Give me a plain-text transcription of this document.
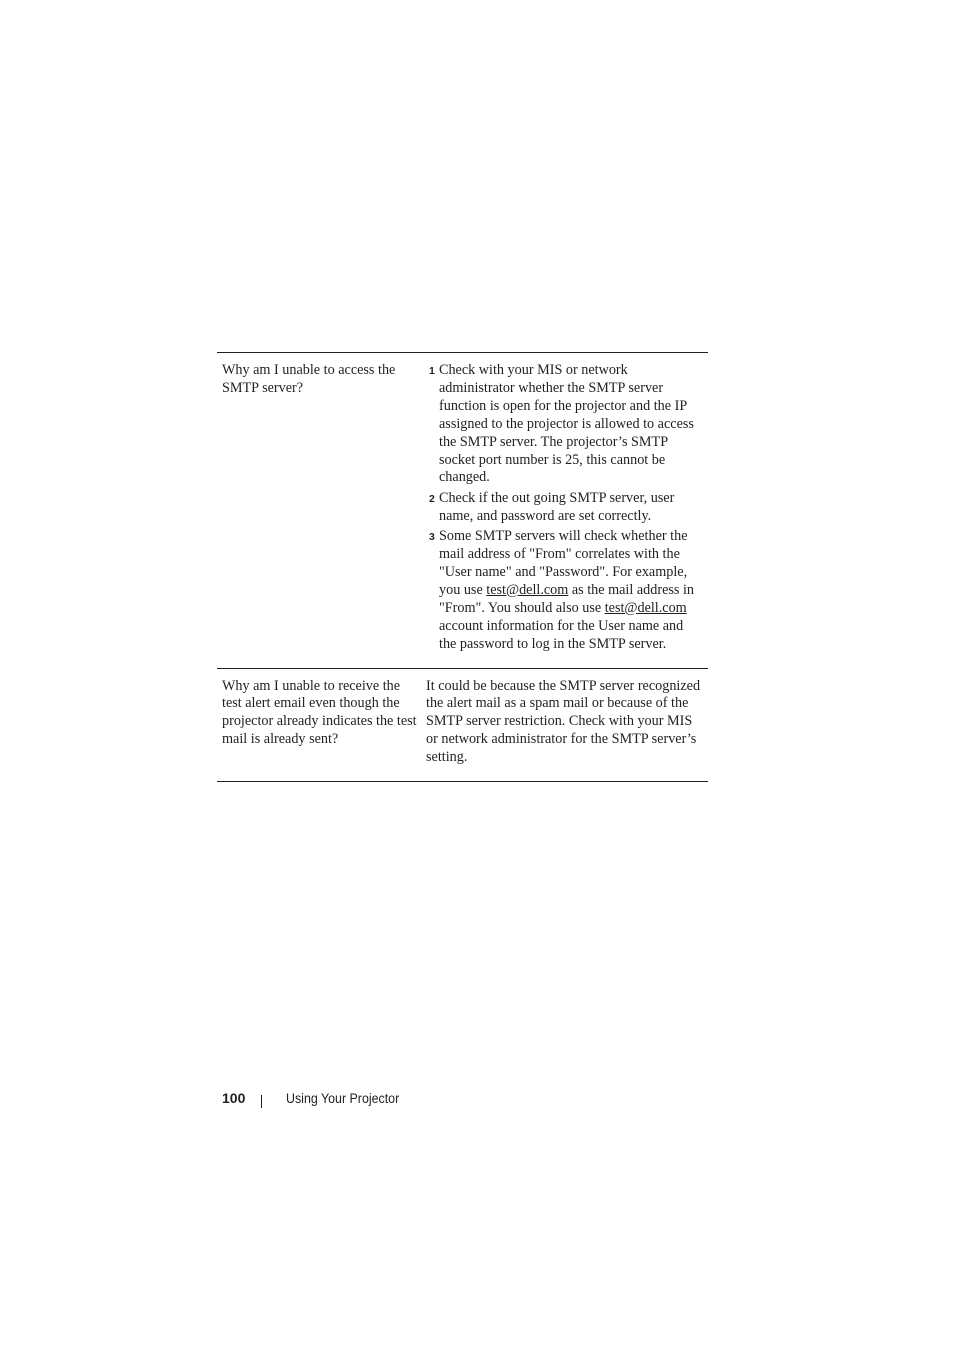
Why am I unable to access the SMTP server?
1 Check with your MIS or network administrator whether the SMTP server function is open for the projector and the IP assigned to the projector is allowed to access the SMTP server. The projector’s SMTP socket port number is 25, this cannot be changed.
2 Check if the out going SMTP server, user name, and password are set correctly.
3 Some SMTP servers will check whether the mail address of "From" correlates with the "User name" and "Password". For example, you use test@dell.com as the mail address in "From". You should also use test@dell.com account information for the User name and the password to log in the SMTP server.
Why am I unable to receive the test alert email even though the projector already indicates the test mail is already sent?
It could be because the SMTP server recognized the alert mail as a spam mail or because of the SMTP server restriction. Check with your MIS or network administrator for the SMTP server’s setting.
100	Using Your Projector
